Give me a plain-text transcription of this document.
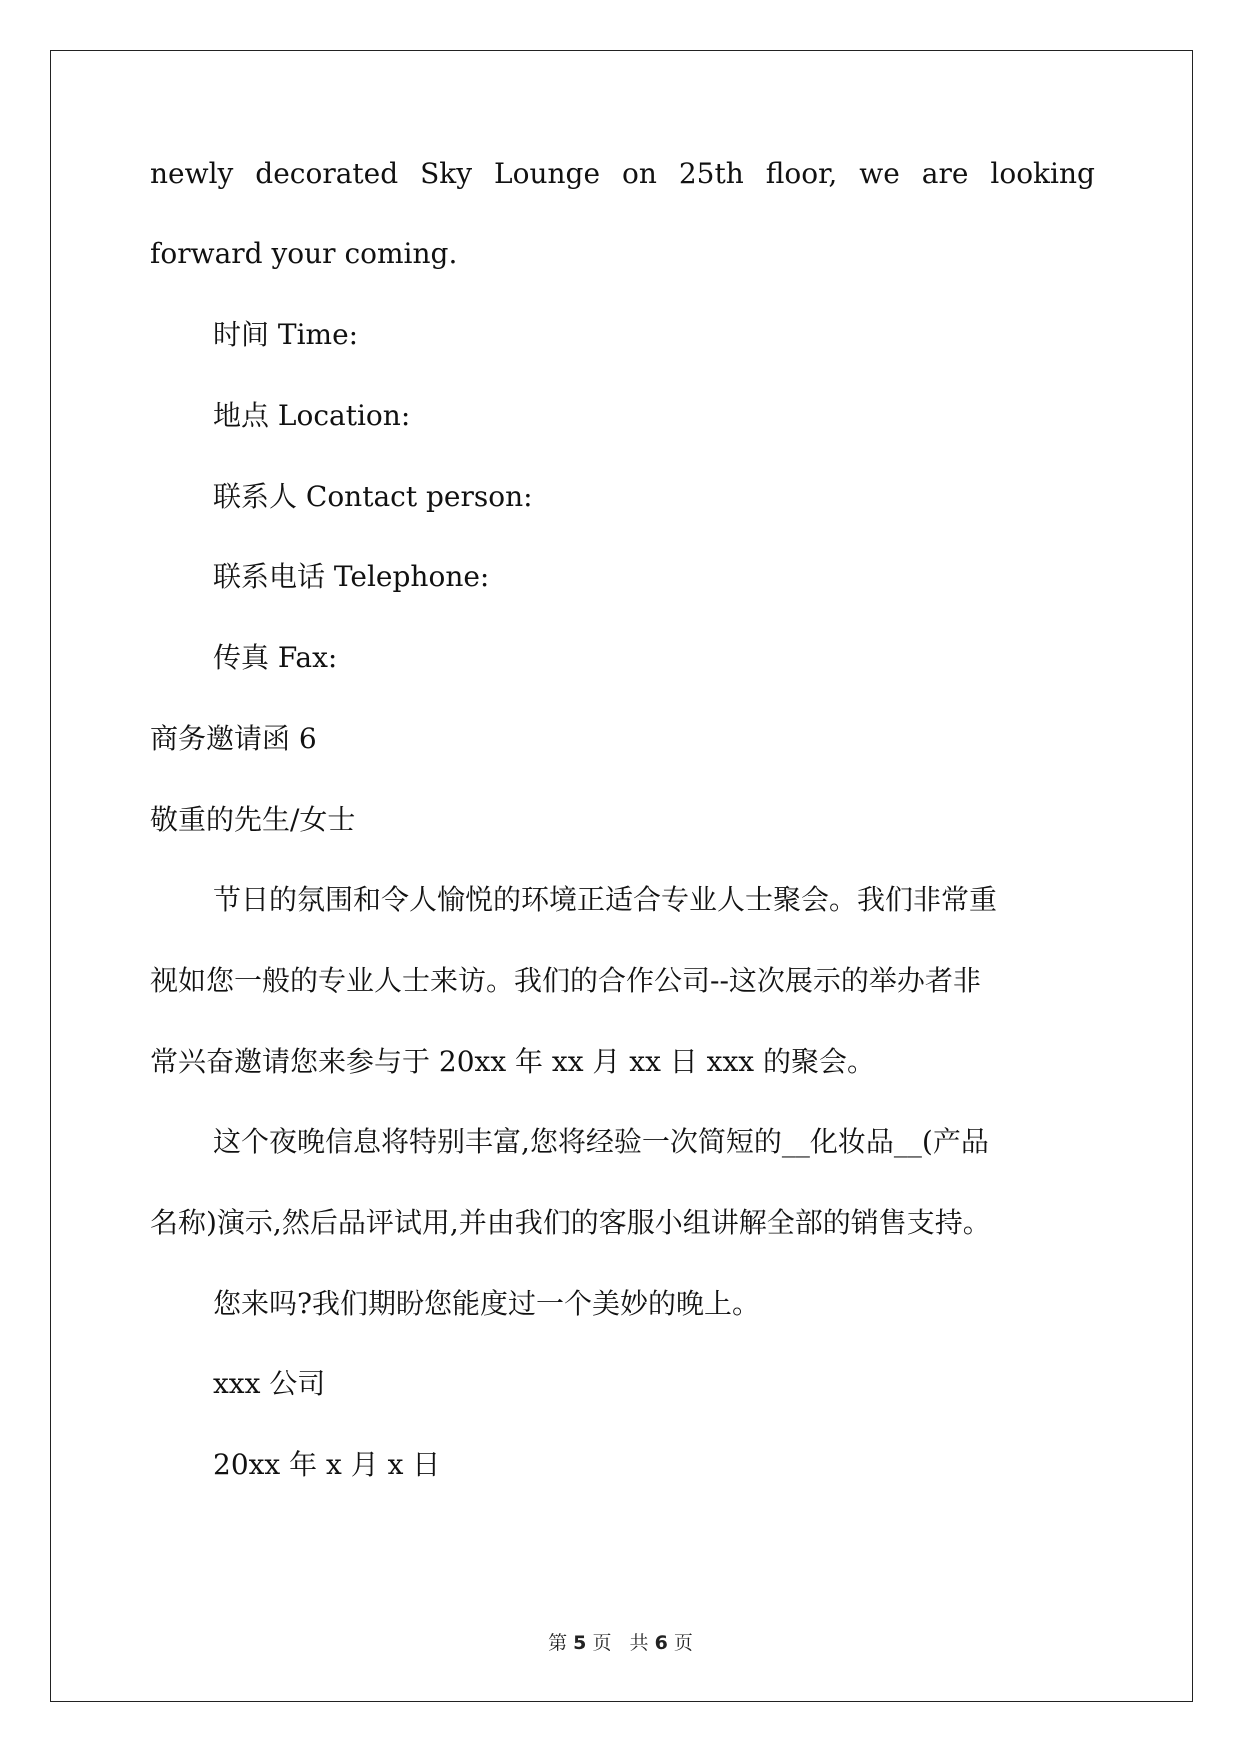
newly decorated Sky Lounge on 25th floor, we are looking
forward your coming.
时间 Time:
地点 Location:
联系人 Contact person:
联系电话 Telephone:
传真 Fax:
商务邀请函 6
敬重的先生/女士
节日的氛围和令人愉悦的环境正适合专业人士聚会。我们非常重
视如您一般的专业人士来访。我们的合作公司--这次展示的举办者非
常兴奋邀请您来参与于 20xx 年 xx 月 xx 日 xxx 的聚会。
这个夜晚信息将特别丰富,您将经验一次简短的__化妆品__(产品
名称)演示,然后品评试用,并由我们的客服小组讲解全部的销售支持。
您来吗?我们期盼您能度过一个美妙的晚上。
xxx 公司
20xx 年 x 月 x 日
第 5 页   共 6 页
